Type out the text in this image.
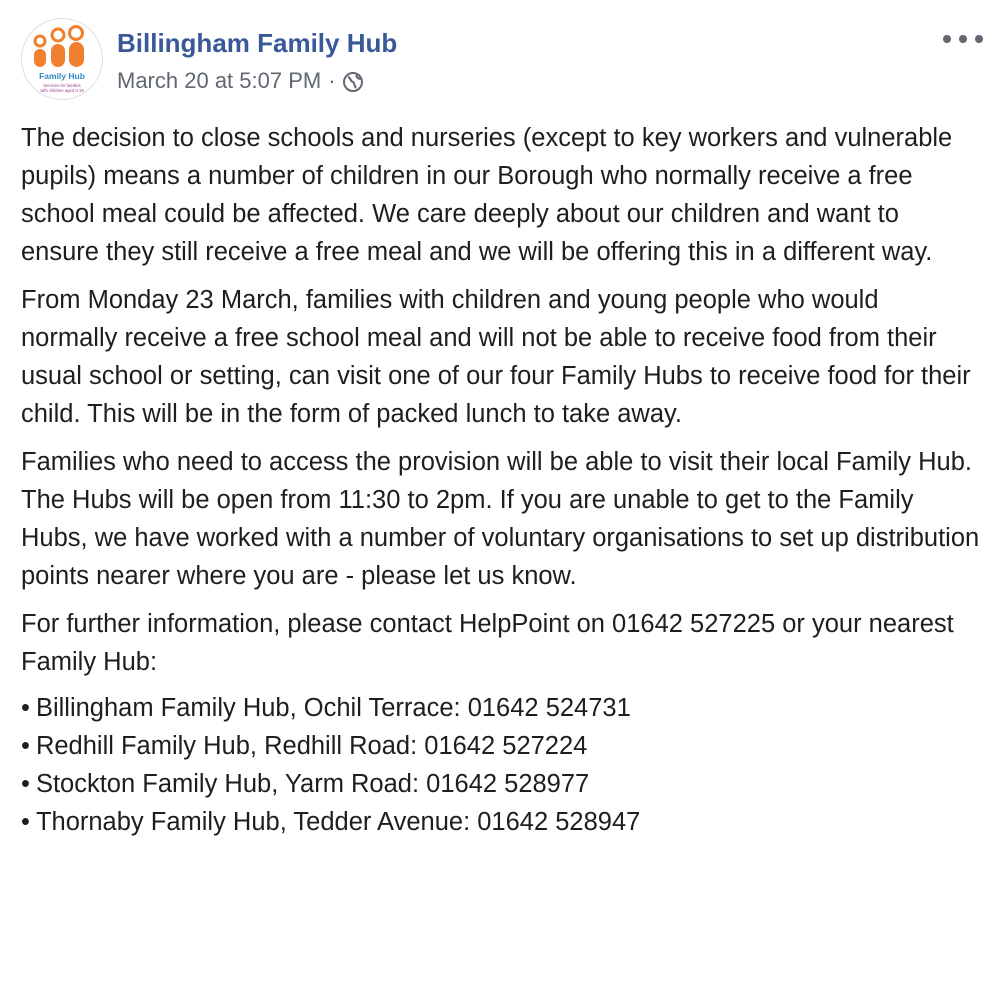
Family Hub
Services for families
with children aged 0-19
Billingham Family Hub
March 20 at 5:07 PM ·

The decision to close schools and nurseries (except to key workers and vulnerable pupils) means a number of children in our Borough who normally receive a free school meal could be affected. We care deeply about our children and want to ensure they still receive a free meal and we will be offering this in a different way.

From Monday 23 March, families with children and young people who would normally receive a free school meal and will not be able to receive food from their usual school or setting, can visit one of our four Family Hubs to receive food for their child. This will be in the form of packed lunch to take away.

Families who need to access the provision will be able to visit their local Family Hub. The Hubs will be open from 11:30 to 2pm. If you are unable to get to the Family Hubs, we have worked with a number of voluntary organisations to set up distribution points nearer where you are - please let us know.

For further information, please contact HelpPoint on 01642 527225 or your nearest Family Hub:

• Billingham Family Hub, Ochil Terrace: 01642 524731
• Redhill Family Hub, Redhill Road: 01642 527224
• Stockton Family Hub, Yarm Road: 01642 528977
• Thornaby Family Hub, Tedder Avenue: 01642 528947
